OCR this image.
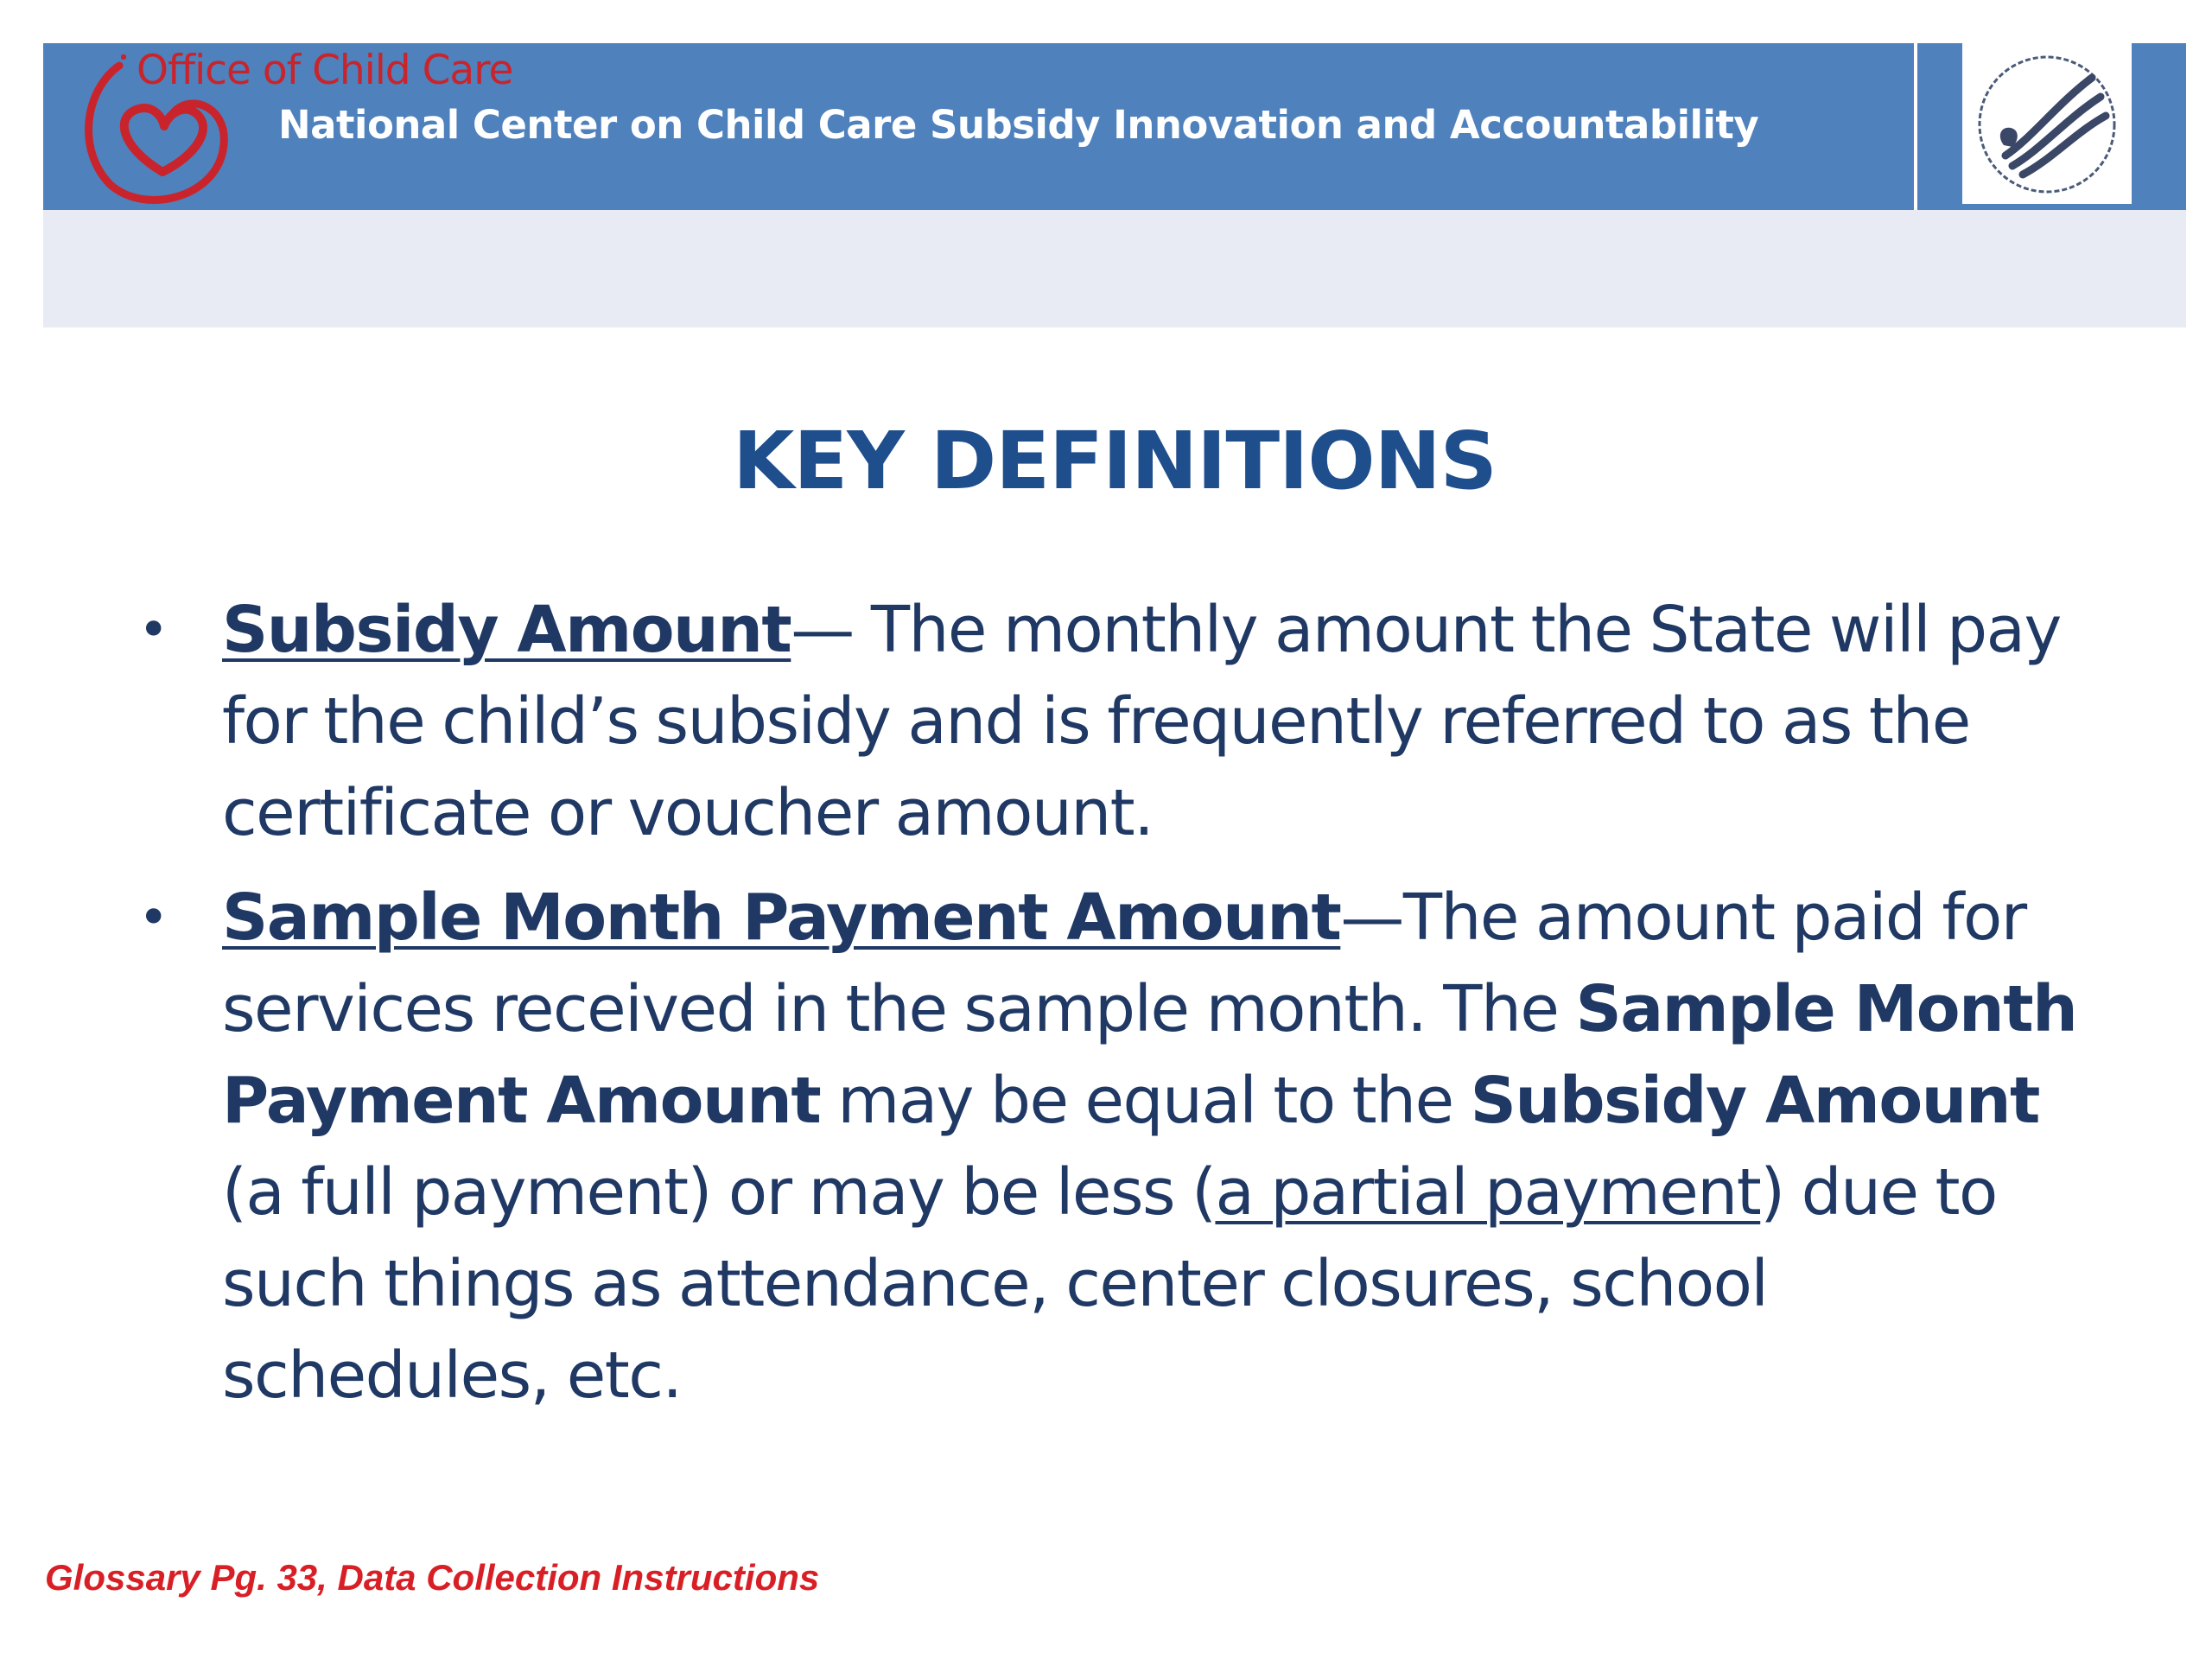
Office of Child Care
National Center on Child Care Subsidy Innovation and Accountability
KEY DEFINITIONS
• Subsidy Amount— The monthly amount the State will pay for the child’s subsidy and is frequently referred to as the certificate or voucher amount.
• Sample Month Payment Amount—The amount paid for services received in the sample month. The Sample Month Payment Amount may be equal to the Subsidy Amount (a full payment) or may be less (a partial payment) due to such things as attendance, center closures, school schedules, etc.
Glossary Pg. 33, Data Collection Instructions
